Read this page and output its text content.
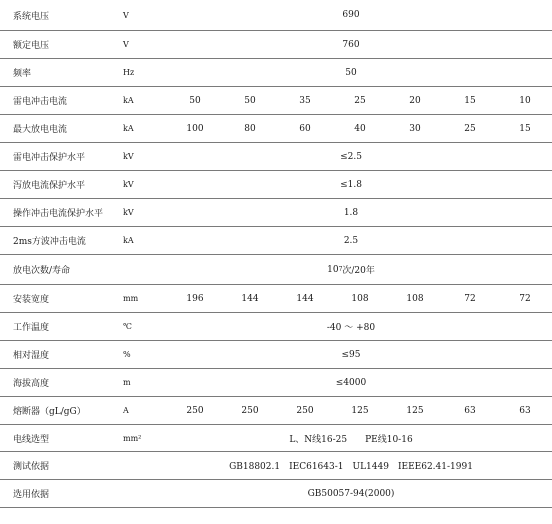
系统电压	V	690
额定电压	V	760
频率	Hz	50
雷电冲击电流	kA	50	50	35	25	20	15	10
最大放电电流	kA	100	80	60	40	30	25	15
雷电冲击保护水平	kV	≤2.5
泻放电流保护水平	kV	≤1.8
操作冲击电流保护水平 kV	1.8
2ms方波冲击电流	kA	2.5
放电次数/寿命	10 7 次/20年
安装宽度	mm	196	144	144	108	108	72	72
工作温度	℃	-40 ～ +80
相对湿度	%	≤95
海拔高度	m	≤4000
熔断器（gL/gG）	A	250	250	250	125	125	63	63
电线选型	mm²	L、N线16-25　　PE线10-16
测试依据	GB18802.1　IEC61643-1　UL1449　IEEE62.41-1991
选用依据	GB50057-94(2000)
